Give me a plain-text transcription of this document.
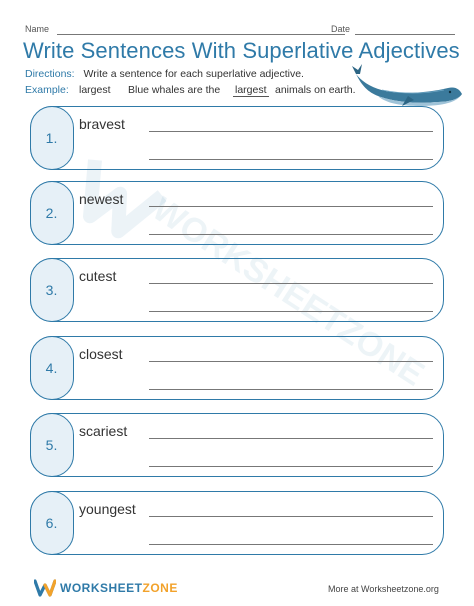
Name	Date
Write Sentences With Superlative Adjectives
Directions: Write a sentence for each superlative adjective.
Example: largest Blue whales are the largest animals on earth.
WORKSHEETZONE
1.
bravest
2.
newest
3.
cutest
4.
closest
5.
scariest
6.
youngest
WORKSHEETZONE	More at Worksheetzone.org
